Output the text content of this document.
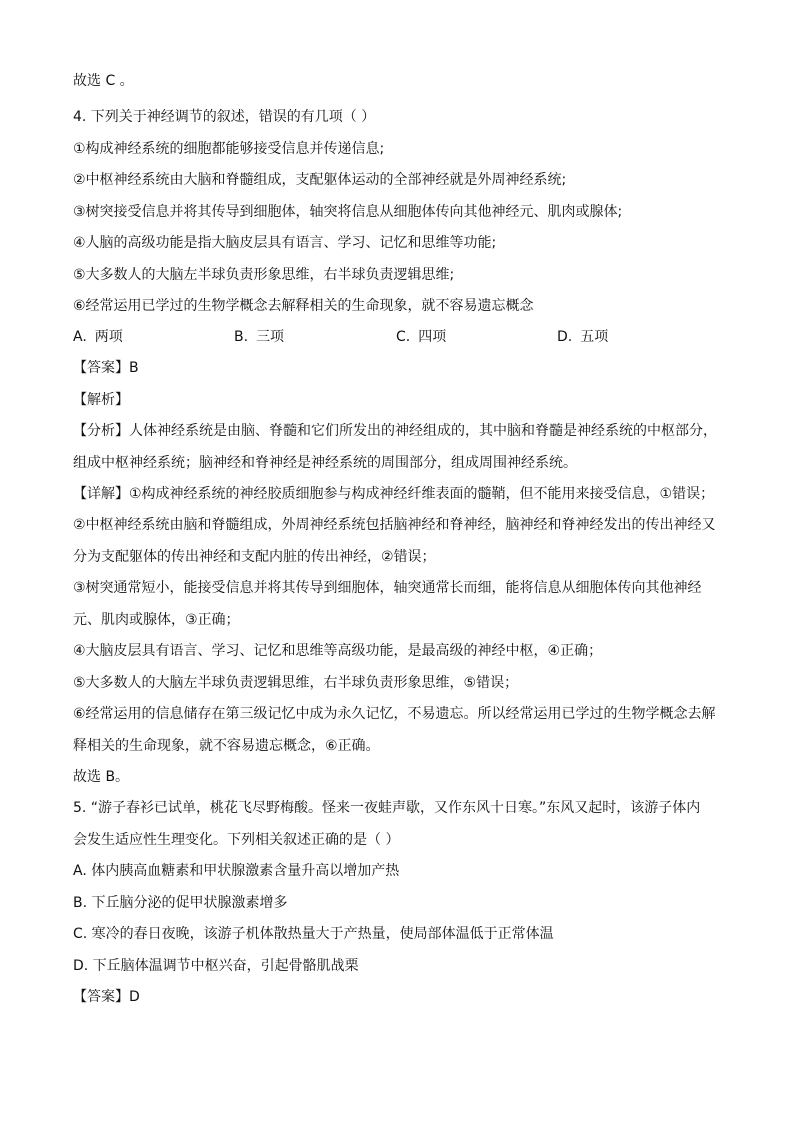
故选 C 。
4. 下列关于神经调节的叙述，错误的有几项（ ）
①构成神经系统的细胞都能够接受信息并传递信息;
②中枢神经系统由大脑和脊髓组成，支配躯体运动的全部神经就是外周神经系统;
③树突接受信息并将其传导到细胞体，轴突将信息从细胞体传向其他神经元、肌肉或腺体;
④人脑的高级功能是指大脑皮层具有语言、学习、记忆和思维等功能;
⑤大多数人的大脑左半球负责形象思维，右半球负责逻辑思维;
⑥经常运用已学过的生物学概念去解释相关的生命现象，就不容易遗忘概念
A. 两项	B. 三项	C. 四项	D. 五项
【答案】B
【解析】
【分析】人体神经系统是由脑、脊髓和它们所发出的神经组成的，其中脑和脊髓是神经系统的中枢部分，
组成中枢神经系统；脑神经和脊神经是神经系统的周围部分，组成周围神经系统。
【详解】①构成神经系统的神经胶质细胞参与构成神经纤维表面的髓鞘，但不能用来接受信息，①错误；
②中枢神经系统由脑和脊髓组成，外周神经系统包括脑神经和脊神经，脑神经和脊神经发出的传出神经又
分为支配躯体的传出神经和支配内脏的传出神经，②错误；
③树突通常短小，能接受信息并将其传导到细胞体，轴突通常长而细，能将信息从细胞体传向其他神经
元、肌肉或腺体，③正确；
④大脑皮层具有语言、学习、记忆和思维等高级功能，是最高级的神经中枢，④正确；
⑤大多数人的大脑左半球负责逻辑思维，右半球负责形象思维，⑤错误；
⑥经常运用的信息储存在第三级记忆中成为永久记忆，不易遗忘。所以经常运用已学过的生物学概念去解
释相关的生命现象，就不容易遗忘概念，⑥正确。
故选 B。
5. “游子春衫已试单，桃花飞尽野梅酸。怪来一夜蛙声歇，又作东风十日寒。”东风又起时，该游子体内
会发生适应性生理变化。下列相关叙述正确的是（ ）
A. 体内胰高血糖素和甲状腺激素含量升高以增加产热
B. 下丘脑分泌的促甲状腺激素增多
C. 寒冷的春日夜晚，该游子机体散热量大于产热量，使局部体温低于正常体温
D. 下丘脑体温调节中枢兴奋，引起骨骼肌战栗
【答案】D
